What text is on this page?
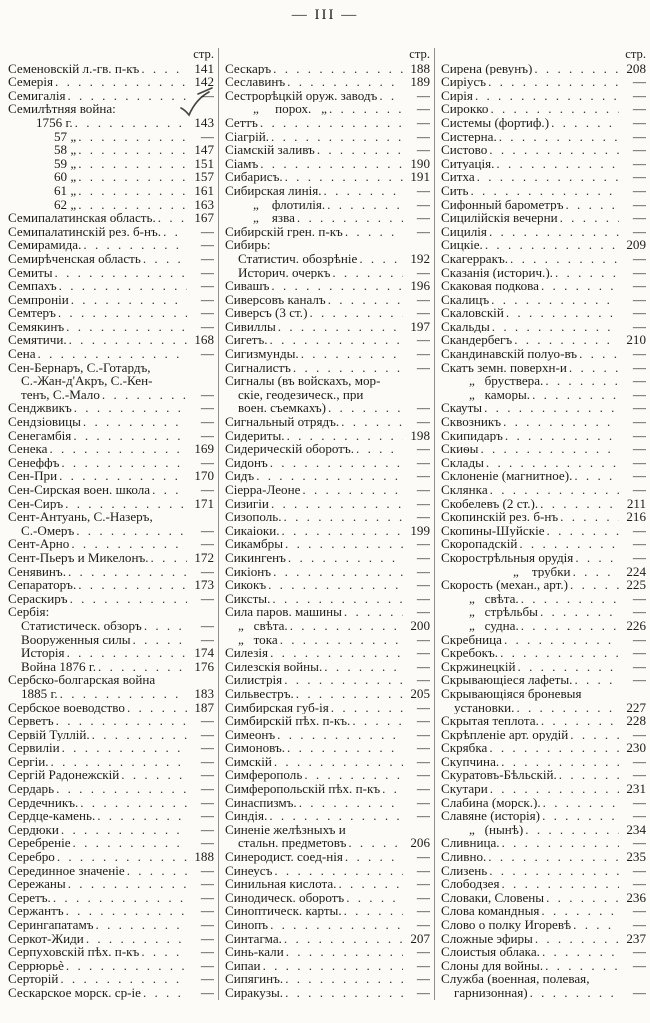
— III —
стр.
Семеновскій л.-гв. п-къ . . .	141
Семерія . . .	142
Семигалія . . .	—
Семилѣтняя война:
1756 г. . . .	143
57 „ . . .	—
58 „ . . .	147
59 „ . . .	151
60 „ . . .	157
61 „ . . .	161
62 „ . . .	163
Семипалатинская область. . . .	167
Семипалатинскій рез. б-нъ. . . .	—
Семирамида. . . .	—
Семирѣченская область . . .	—
Семиты . . .	—
Семпахъ . . .	—
Семпроніи . . .	—
Семтеръ . . .	—
Семякинъ . . .	—
Семятичи. . . .	168
Сена . . .	—
Сен-Бернаръ, С.-Готардъ,
С.-Жан-д'Акръ, С.-Кен-
тенъ, С.-Мало . . .	—
Сенджвикъ . . .	—
Сендзіовицы . . .	—
Сенегамбія . . .	—
Сенека . . .	169
Сенеффъ . . .	—
Сен-При . . .	170
Сен-Сирская воен. школа . . .	—
Сен-Сиръ . . .	171
Сент-Антуань, С.-Назеръ,
С.-Омеръ . . .	—
Сент-Арно . . .	—
Сент-Пьеръ и Микелонъ. . . .	172
Сенявинъ. . . .	—
Сепараторъ. . . .	173
Сераскиръ . . .	—
Сербія:
Статистическ. обзоръ . . .	—
Вооруженныя силы . . .	—
Исторія . . .	174
Война 1876 г. . . .	176
Сербско-болгарская война
1885 г. . . .	183
Сербское воеводство . . .	187
Серветъ . . .	—
Сервій Туллій. . . .	—
Сервиліи . . .	—
Сергіи. . . .	—
Сергій Радонежскій . . .	—
Сердарь . . .	—
Сердечникъ. . . .	—
Сердце-камень. . . .	—
Сердюки . . .	—
Серебреніе . . .	—
Серебро . . .	188
Серединное значеніе . . .	—
Сережаны . . .	—
Серетъ. . . .	—
Сержантъ . . .	—
Серингапатамъ . . .	—
Серкот-Жиди . . .	—
Серпуховскій пѣх. п-къ . . .	—
Серрюрьѐ . . .	—
Серторій . . .	—
Сескарское морск. ср-іе . . .	—
стр.
Сескаръ . . .	188
Сеславинъ . . .	189
Сестрорѣцкій оруж. заводъ . . .	—
„     порох.   „ . . .	—
Сеттъ . . .	—
Сіагрій. . . .	—
Сіамскій заливъ . . .	—
Сіамъ . . .	190
Сибарисъ. . . .	191
Сибирская линія. . . .	—
„    флотилія. . . .	—
„    язва . . .	—
Сибирскій грен. п-къ . . .	—
Сибирь:
Статистич. обозрѣніе . . .	192
Историч. очеркъ . . .	—
Сивашъ . . .	196
Сиверсовъ каналъ . . .	—
Сиверсъ (3 ст.) . . .	—
Сивиллы . . .	197
Сигетъ. . . .	—
Сигизмунды. . . .	—
Сигналистъ . . .	—
Сигналы (въ войскахъ, мор-
скіе, геодезическ., при
воен. съемкахъ) . . .	—
Сигнальный отрядъ. . . .	—
Сидериты. . . .	198
Сидерическій оборотъ. . . .	—
Сидонъ . . .	—
Сидъ . . .	—
Сіерра-Леоне . . .	—
Сизигіи . . .	—
Сизополь. . . .	—
Сикаіоки. . . .	199
Сикамбры . . .	—
Сикингенъ . . .	—
Сикіонъ . . .	—
Сикокъ . . .	—
Сиксты. . . .	—
Сила паров. машины . . .	—
„   свѣта. . . .	200
„   тока . . .	—
Силезія . . .	—
Силезскія войны. . . .	—
Силистрія . . .	—
Сильвестръ. . . .	205
Симбирская губ-ія . . .	—
Симбирскій пѣх. п-къ. . . .	—
Симеонъ . . .	—
Симоновъ. . . .	—
Симскій . . .	—
Симферополь . . .	—
Симферопольскій пѣх. п-къ . . .	—
Синаспизмъ. . . .	—
Синдія. . . .	—
Синеніе желѣзныхъ и
стальн. предметовъ . . .	206
Синеродист. соед-нія . . .	—
Синеусъ . . .	—
Синильная кислота. . . .	—
Синодическ. оборотъ . . .	—
Синоптическ. карты. . . .	—
Синопъ . . .	—
Синтагма. . . .	207
Синь-кали . . .	—
Сипаи . . .	—
Сипягинъ. . . .	—
Сиракузы. . . .	—
стр.
Сирена (ревунъ) . . .	208
Сиріусъ . . .	—
Сирія . . .	—
Сирокко . . .	—
Системы (фортиф.) . . .	—
Систерна. . . .	—
Систово . . .	—
Ситуація. . . .	—
Ситха . . .	—
Сить . . .	—
Сифонный барометръ . . .	—
Сицилійскія вечерни . . .	—
Сицилія . . .	—
Сицкіе. . . .	209
Скагерракъ. . . .	—
Сказанія (историч.). . . .	—
Скаковая подкова . . .	—
Скалицъ . . .	—
Скаловскій . . .	—
Скальды . . .	—
Скандербегъ . . .	210
Скандинавскій полуо-въ . . .	—
Скатъ земн. поверхн-и . . .	—
„   бруствера. . . .	—
„   каморы. . . .	—
Скауты . . .	—
Сквозникъ . . .	—
Скипидаръ . . .	—
Скиѳы . . .	—
Склады . . .	—
Склоненіе (магнитное). . . .	—
Склянка . . .	—
Скобелевъ (2 ст.). . . .	211
Скопинскій рез. б-нъ . . .	216
Скопины-Шуйскіе . . .	—
Скоропадскій . . .	—
Скорострѣльныя орудія . . .	—
„    трубки . . .	224
Скорость (механ., арт.) . . .	225
„   свѣта. . . .	—
„   стрѣльбы . . .	—
„   судна. . . .	226
Скребница . . .	—
Скребокъ. . . .	—
Скржинецкій . . .	—
Скрывающіеся лафеты. . . .	—
Скрывающіяся броневыя
установки. . . .	227
Скрытая теплота. . . .	228
Скрѣпленіе арт. орудій . . .	—
Скрябка . . .	230
Скупчина. . . .	—
Скуратовъ-Бѣльскій. . . .	—
Скутари . . .	231
Слабина (морск.). . . .	—
Славяне (исторія) . . .	—
„   (нынѣ) . . .	234
Сливница. . . .	—
Сливно. . . .	235
Слизень . . .	—
Слободзея . . .	—
Словаки, Словены . . .	236
Слова командныя . . .	—
Слово о полку Игоревѣ . . .	—
Сложные эфиры . . .	237
Слоистыя облака. . . .	—
Слоны для войны. . . .	—
Служба (военная, полевая,
гарнизонная) . . .	—
